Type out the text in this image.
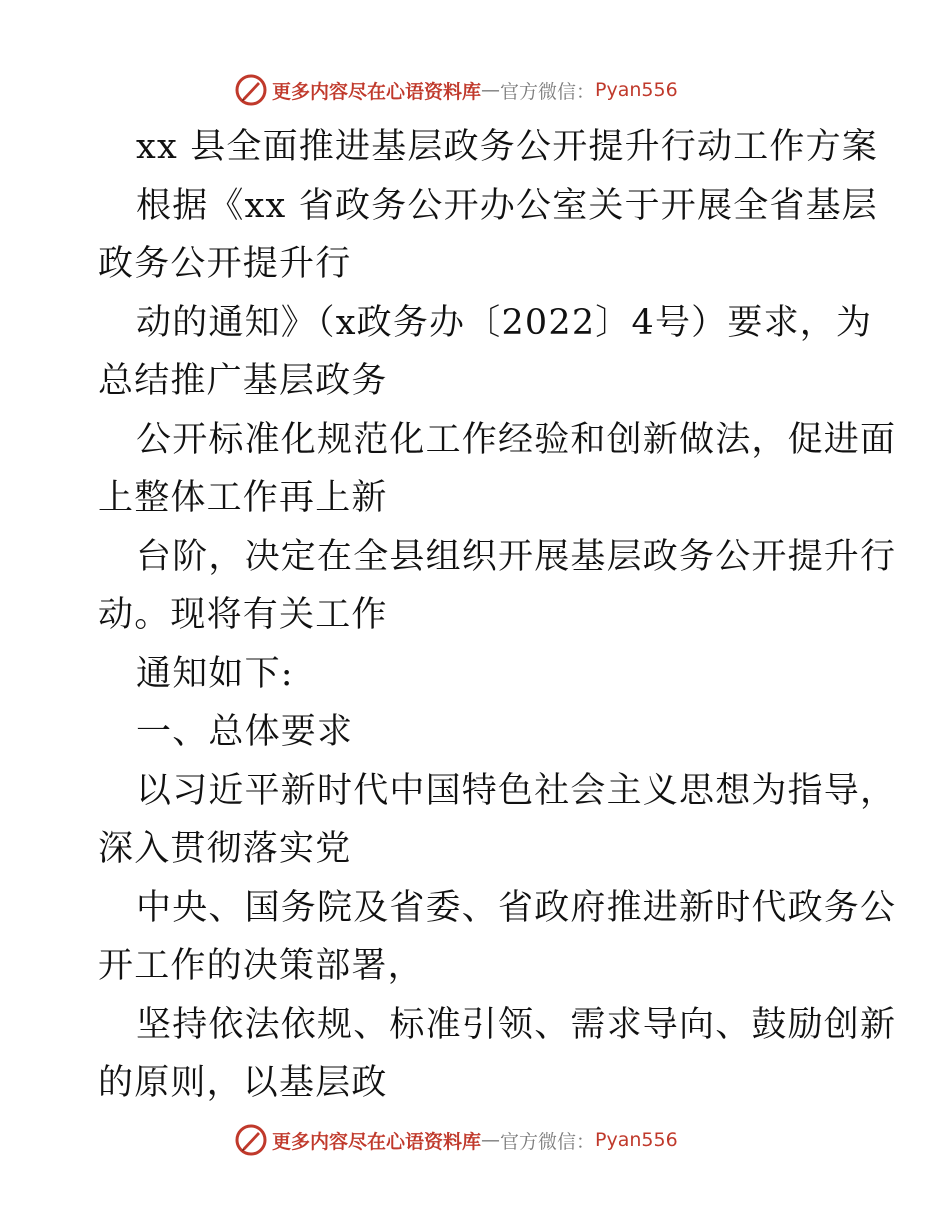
更多内容尽在心语资料库 — 官方微信： Pyan556
xx 县全面推进基层政务公开提升行动工作方案
根据《xx 省政务公开办公室关于开展全省基层
政务公开提升行
动的通知》（x政务办〔2022〕4号）要求，为
总结推广基层政务
公开标准化规范化工作经验和创新做法，促进面
上整体工作再上新
台阶，决定在全县组织开展基层政务公开提升行
动。现将有关工作
通知如下:
一、总体要求
以习近平新时代中国特色社会主义思想为指导，
深入贯彻落实党
中央、国务院及省委、省政府推进新时代政务公
开工作的决策部署，
坚持依法依规、标准引领、需求导向、鼓励创新
的原则，以基层政
更多内容尽在心语资料库 — 官方微信： Pyan556
